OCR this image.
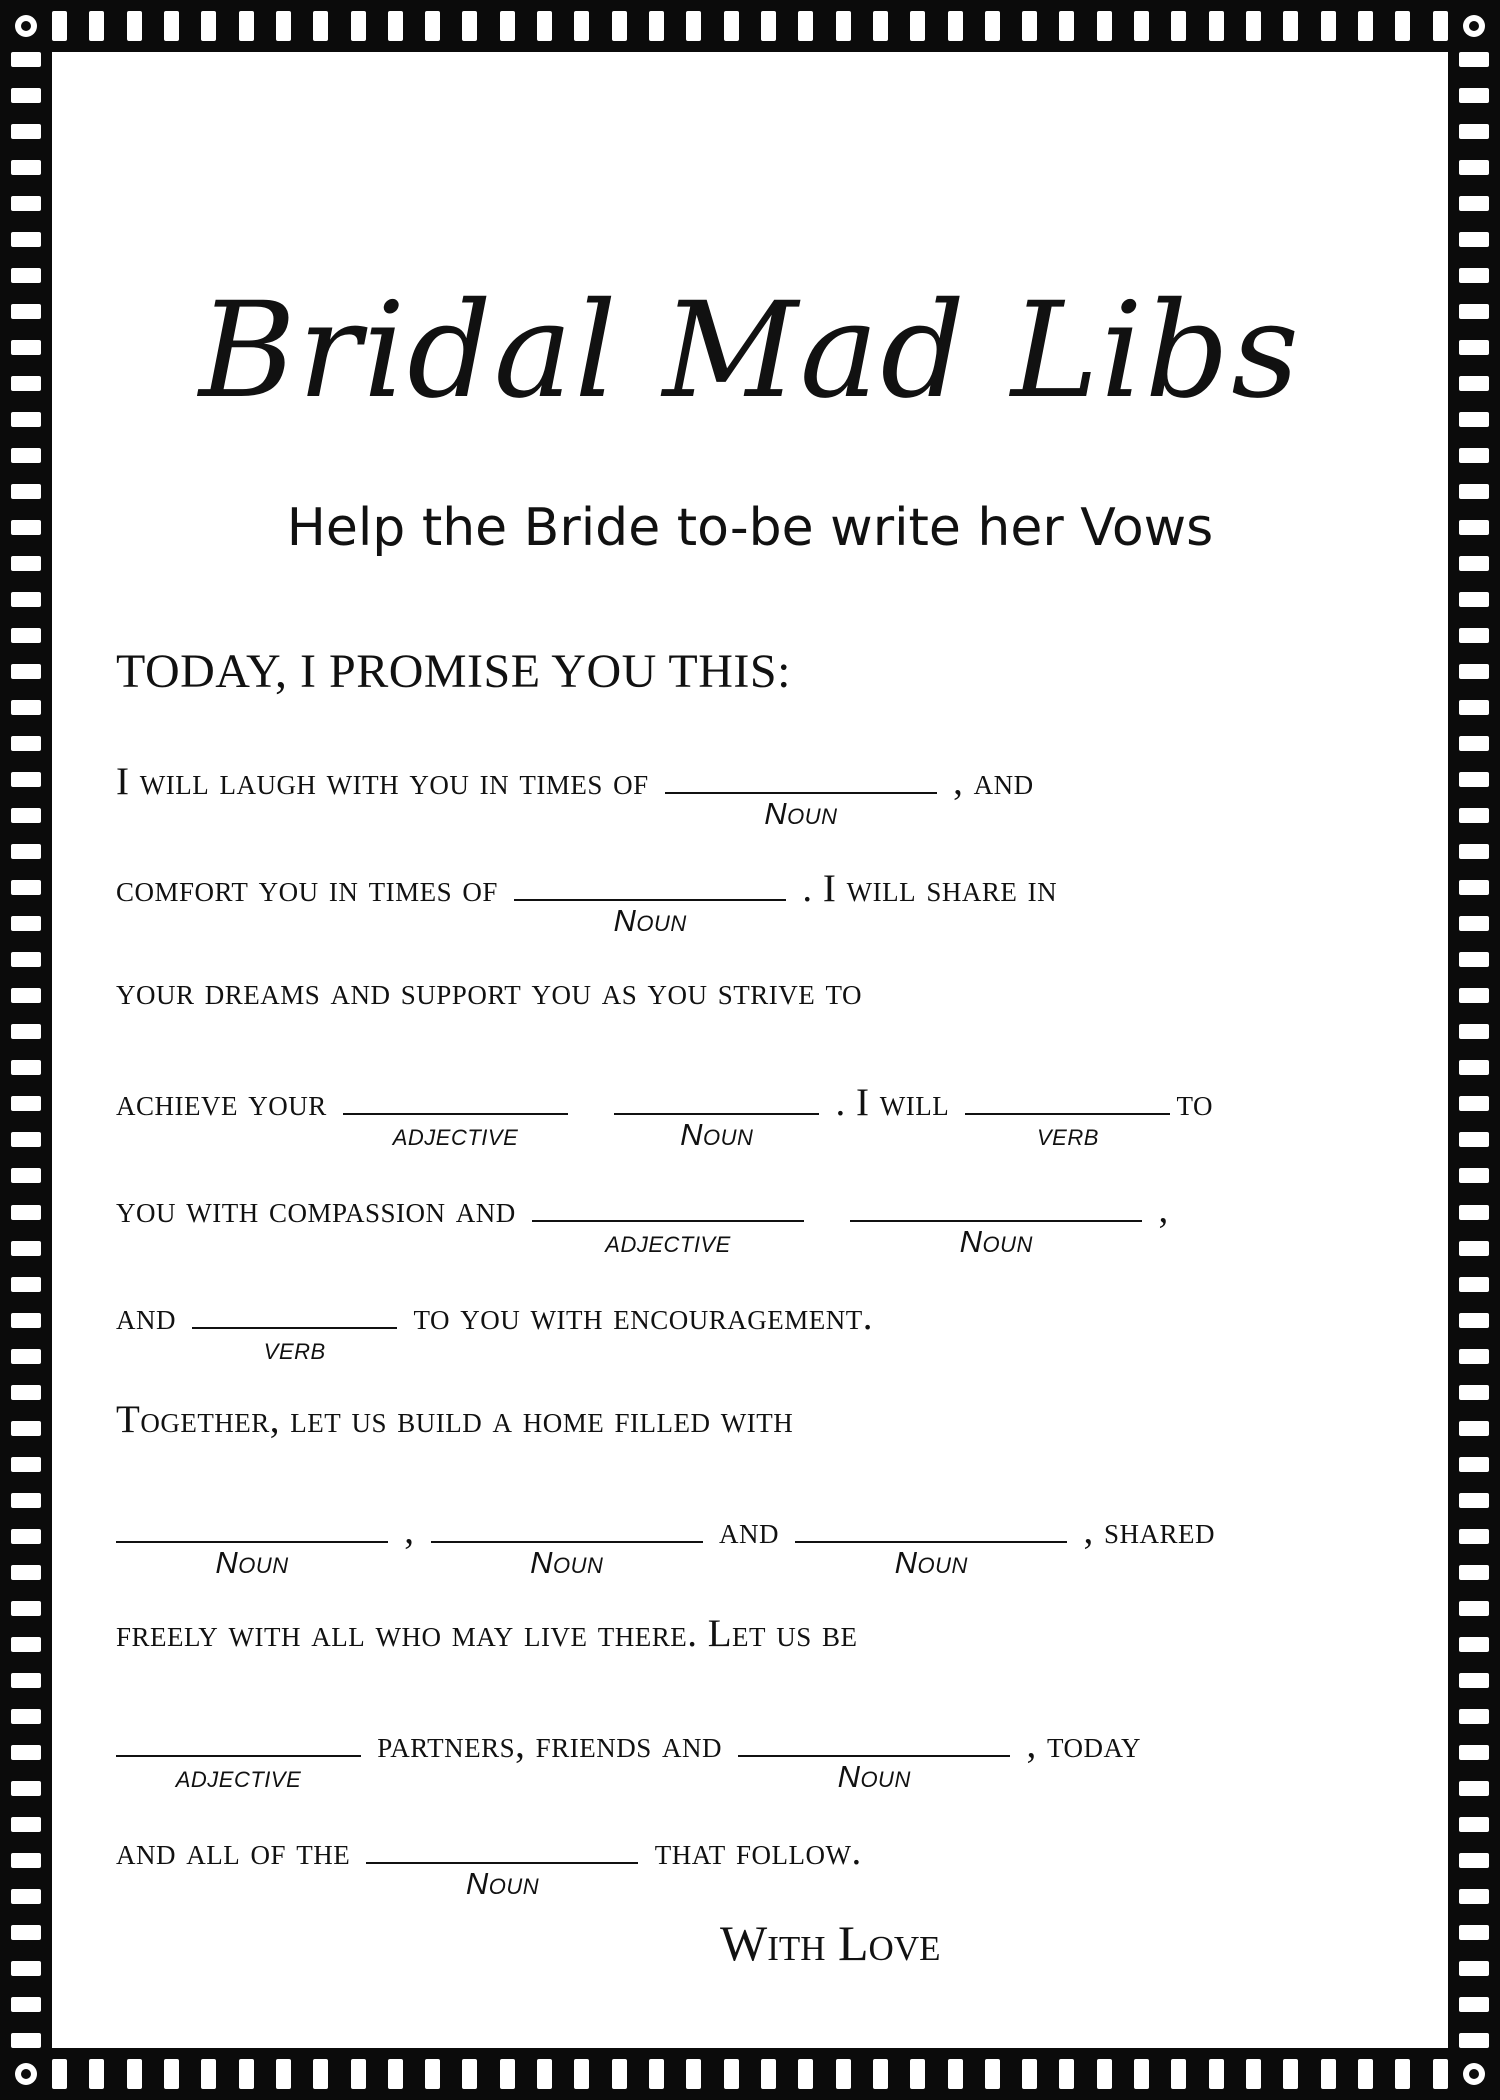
Bridal Mad Libs
Help the Bride to-be write her Vows
TODAY, I PROMISE YOU THIS:
I will laugh with you in times of
Noun
, and
comfort you in times of
Noun
. I will share in
your dreams and support you as you strive to
achieve your
adjective
	Noun
. I will
verb
to
you with compassion and
adjective
	Noun
,
and
verb
to you with encouragement.
Together, let us build a home filled with
Noun
,
Noun
and
Noun
, shared
freely with all who may live there. Let us be
adjective
partners, friends and
Noun
, today
and all of the
Noun
that follow.
With Love
